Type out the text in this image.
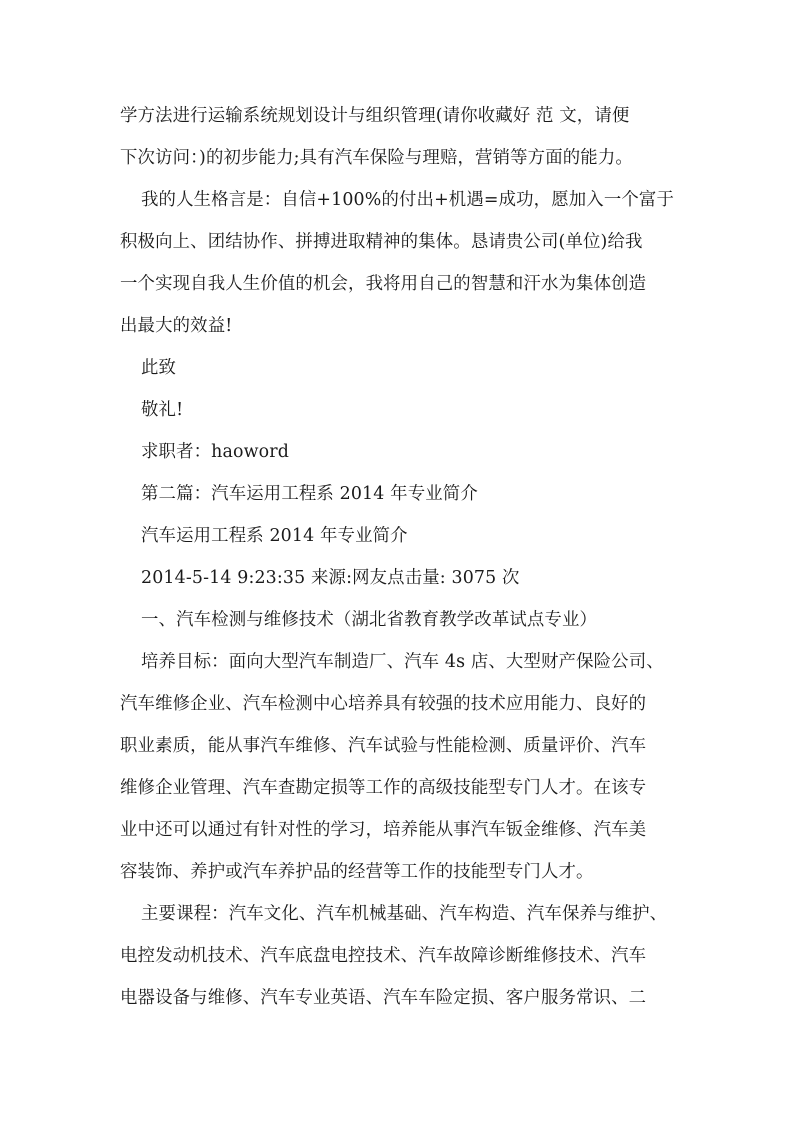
学方法进行运输系统规划设计与组织管理(请你收藏好 范 文，请便
下次访问：)的初步能力;具有汽车保险与理赔，营销等方面的能力。
我的人生格言是：自信+100%的付出+机遇=成功，愿加入一个富于
积极向上、团结协作、拼搏进取精神的集体。恳请贵公司(单位)给我
一个实现自我人生价值的机会，我将用自己的智慧和汗水为集体创造
出最大的效益!
此致
敬礼!
求职者：haoword
第二篇：汽车运用工程系 2014 年专业简介
汽车运用工程系 2014 年专业简介
2014-5-14 9:23:35 来源:网友点击量: 3075 次
一、汽车检测与维修技术（湖北省教育教学改革试点专业）
培养目标：面向大型汽车制造厂、汽车 4s 店、大型财产保险公司、
汽车维修企业、汽车检测中心培养具有较强的技术应用能力、良好的
职业素质，能从事汽车维修、汽车试验与性能检测、质量评价、汽车
维修企业管理、汽车查勘定损等工作的高级技能型专门人才。在该专
业中还可以通过有针对性的学习，培养能从事汽车钣金维修、汽车美
容装饰、养护或汽车养护品的经营等工作的技能型专门人才。
主要课程：汽车文化、汽车机械基础、汽车构造、汽车保养与维护、
电控发动机技术、汽车底盘电控技术、汽车故障诊断维修技术、汽车
电器设备与维修、汽车专业英语、汽车车险定损、客户服务常识、二
